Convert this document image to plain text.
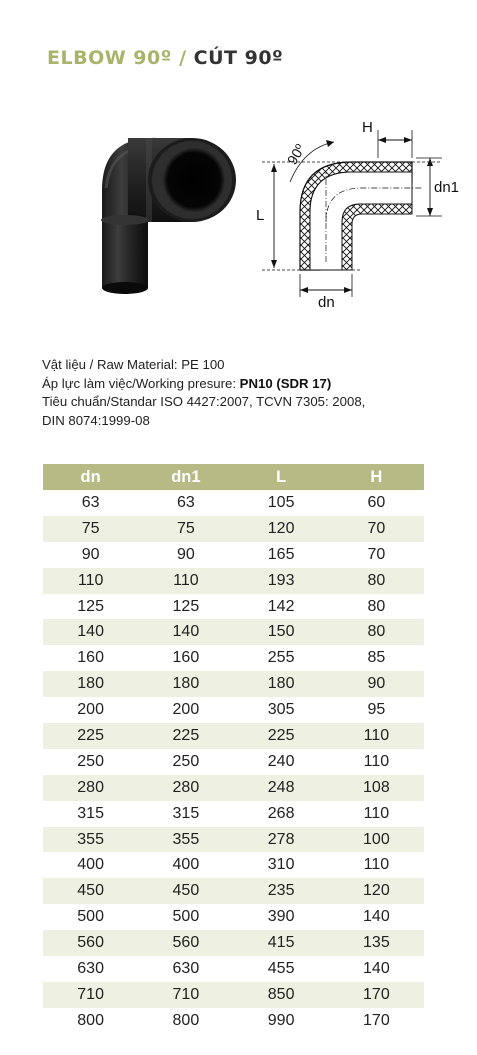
ELBOW 90º / CÚT 90º
L
dn
dn1
H
90º
Vật liệu / Raw Material: PE 100
Áp lực làm việc/Working presure: PN10 (SDR 17)
Tiêu chuẩn/Standar ISO 4427:2007, TCVN 7305: 2008,
DIN 8074:1999-08
dn	dn1	L	H
63	63	105	60
75	75	120	70
90	90	165	70
110	110	193	80
125	125	142	80
140	140	150	80
160	160	255	85
180	180	180	90
200	200	305	95
225	225	225	110
250	250	240	110
280	280	248	108
315	315	268	110
355	355	278	100
400	400	310	110
450	450	235	120
500	500	390	140
560	560	415	135
630	630	455	140
710	710	850	170
800	800	990	170
